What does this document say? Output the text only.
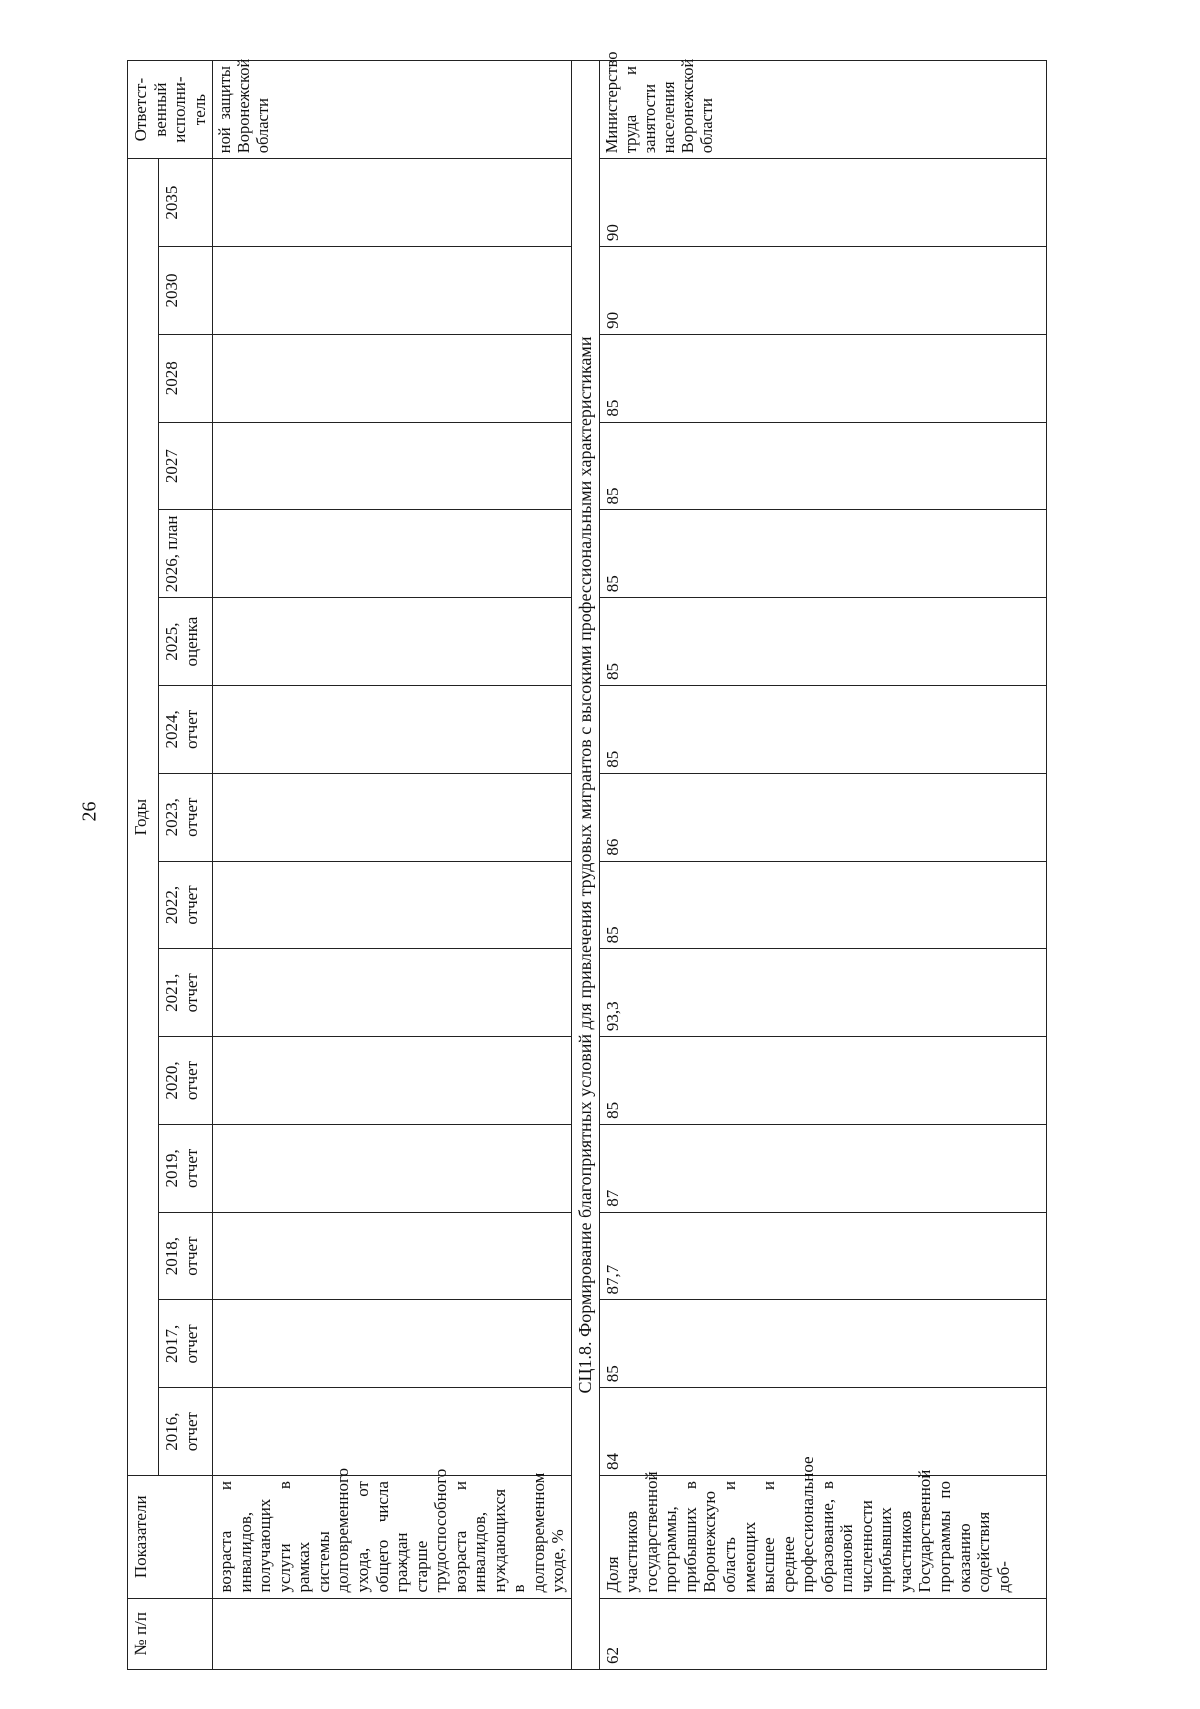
26
№ п/п	Показатели	Годы															Ответст-венный исполни-тель
		2016, отчет	2017, отчет	2018, отчет	2019, отчет	2020, отчет	2021, отчет	2022, отчет	2023, отчет	2024, отчет	2025, оценка	2026, план	2027	2028	2030	2035	
	возраста и инвалидов, получающих услуги в рамках системы долговременного ухода, от общего числа граждан старше трудоспособного возраста и инвалидов, нуждающихся в долговременном уходе, %																ной защиты Воронежской области
СЦ1.8. Формирование благоприятных условий для привлечения трудовых мигрантов с высокими профессиональными характеристиками																	
62	Доля участников государственной программы, прибывших в Воронежскую область и имеющих высшее и среднее профессиональное образование, в плановой численности прибывших участников Государственной программы по оказанию содействия доб-	84	85	87,7	87	85	93,3	85	86	85	85	85	85	85	90	90	Министерство труда и занятости населения Воронежской области
